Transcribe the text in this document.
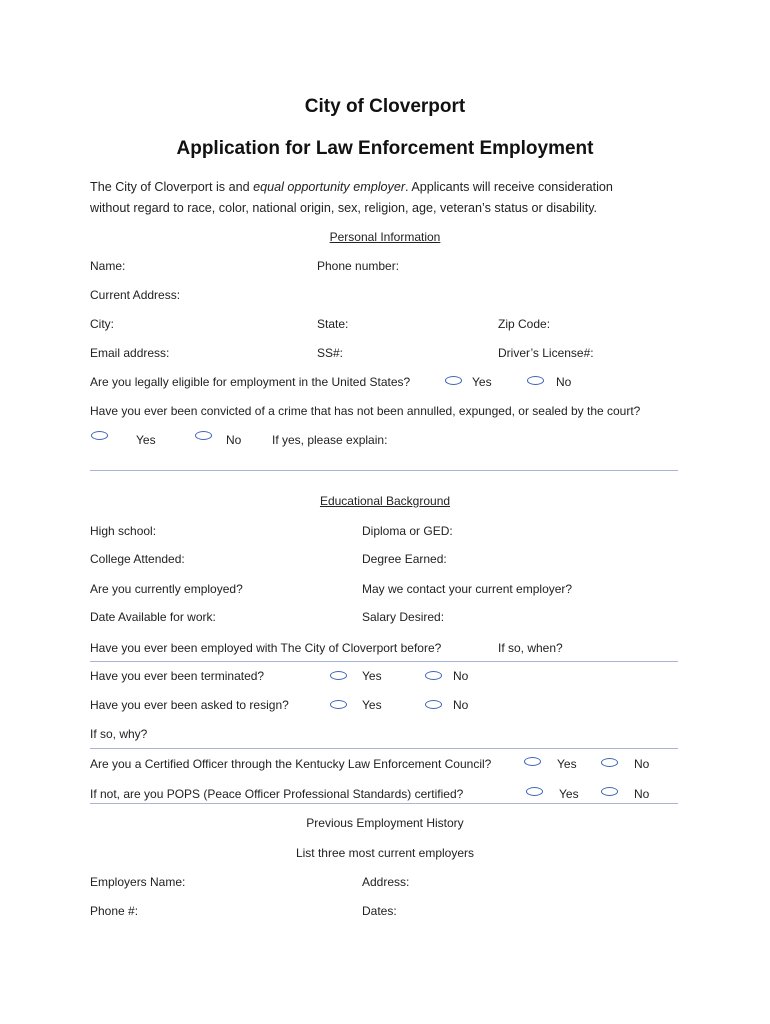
City of Cloverport
Application for Law Enforcement Employment
The City of Cloverport is and equal opportunity employer. Applicants will receive consideration
without regard to race, color, national origin, sex, religion, age, veteran’s status or disability.
Personal Information
Name:	Phone number:
Current Address:
City:	State:	Zip Code:
Email address:	SS#:	Driver’s License#:
Are you legally eligible for employment in the United States?	Yes	No
Have you ever been convicted of a crime that has not been annulled, expunged, or sealed by the court?
Yes	No	If yes, please explain:
Educational Background
High school:	Diploma or GED:
College Attended:	Degree Earned:
Are you currently employed?	May we contact your current employer?
Date Available for work:	Salary Desired:
Have you ever been employed with The City of Cloverport before?	If so, when?
Have you ever been terminated?	Yes	No
Have you ever been asked to resign?	Yes	No
If so, why?
Are you a Certified Officer through the Kentucky Law Enforcement Council?	Yes	No
If not, are you POPS (Peace Officer Professional Standards) certified?	Yes	No
Previous Employment History
List three most current employers
Employers Name:	Address:
Phone #:	Dates:
